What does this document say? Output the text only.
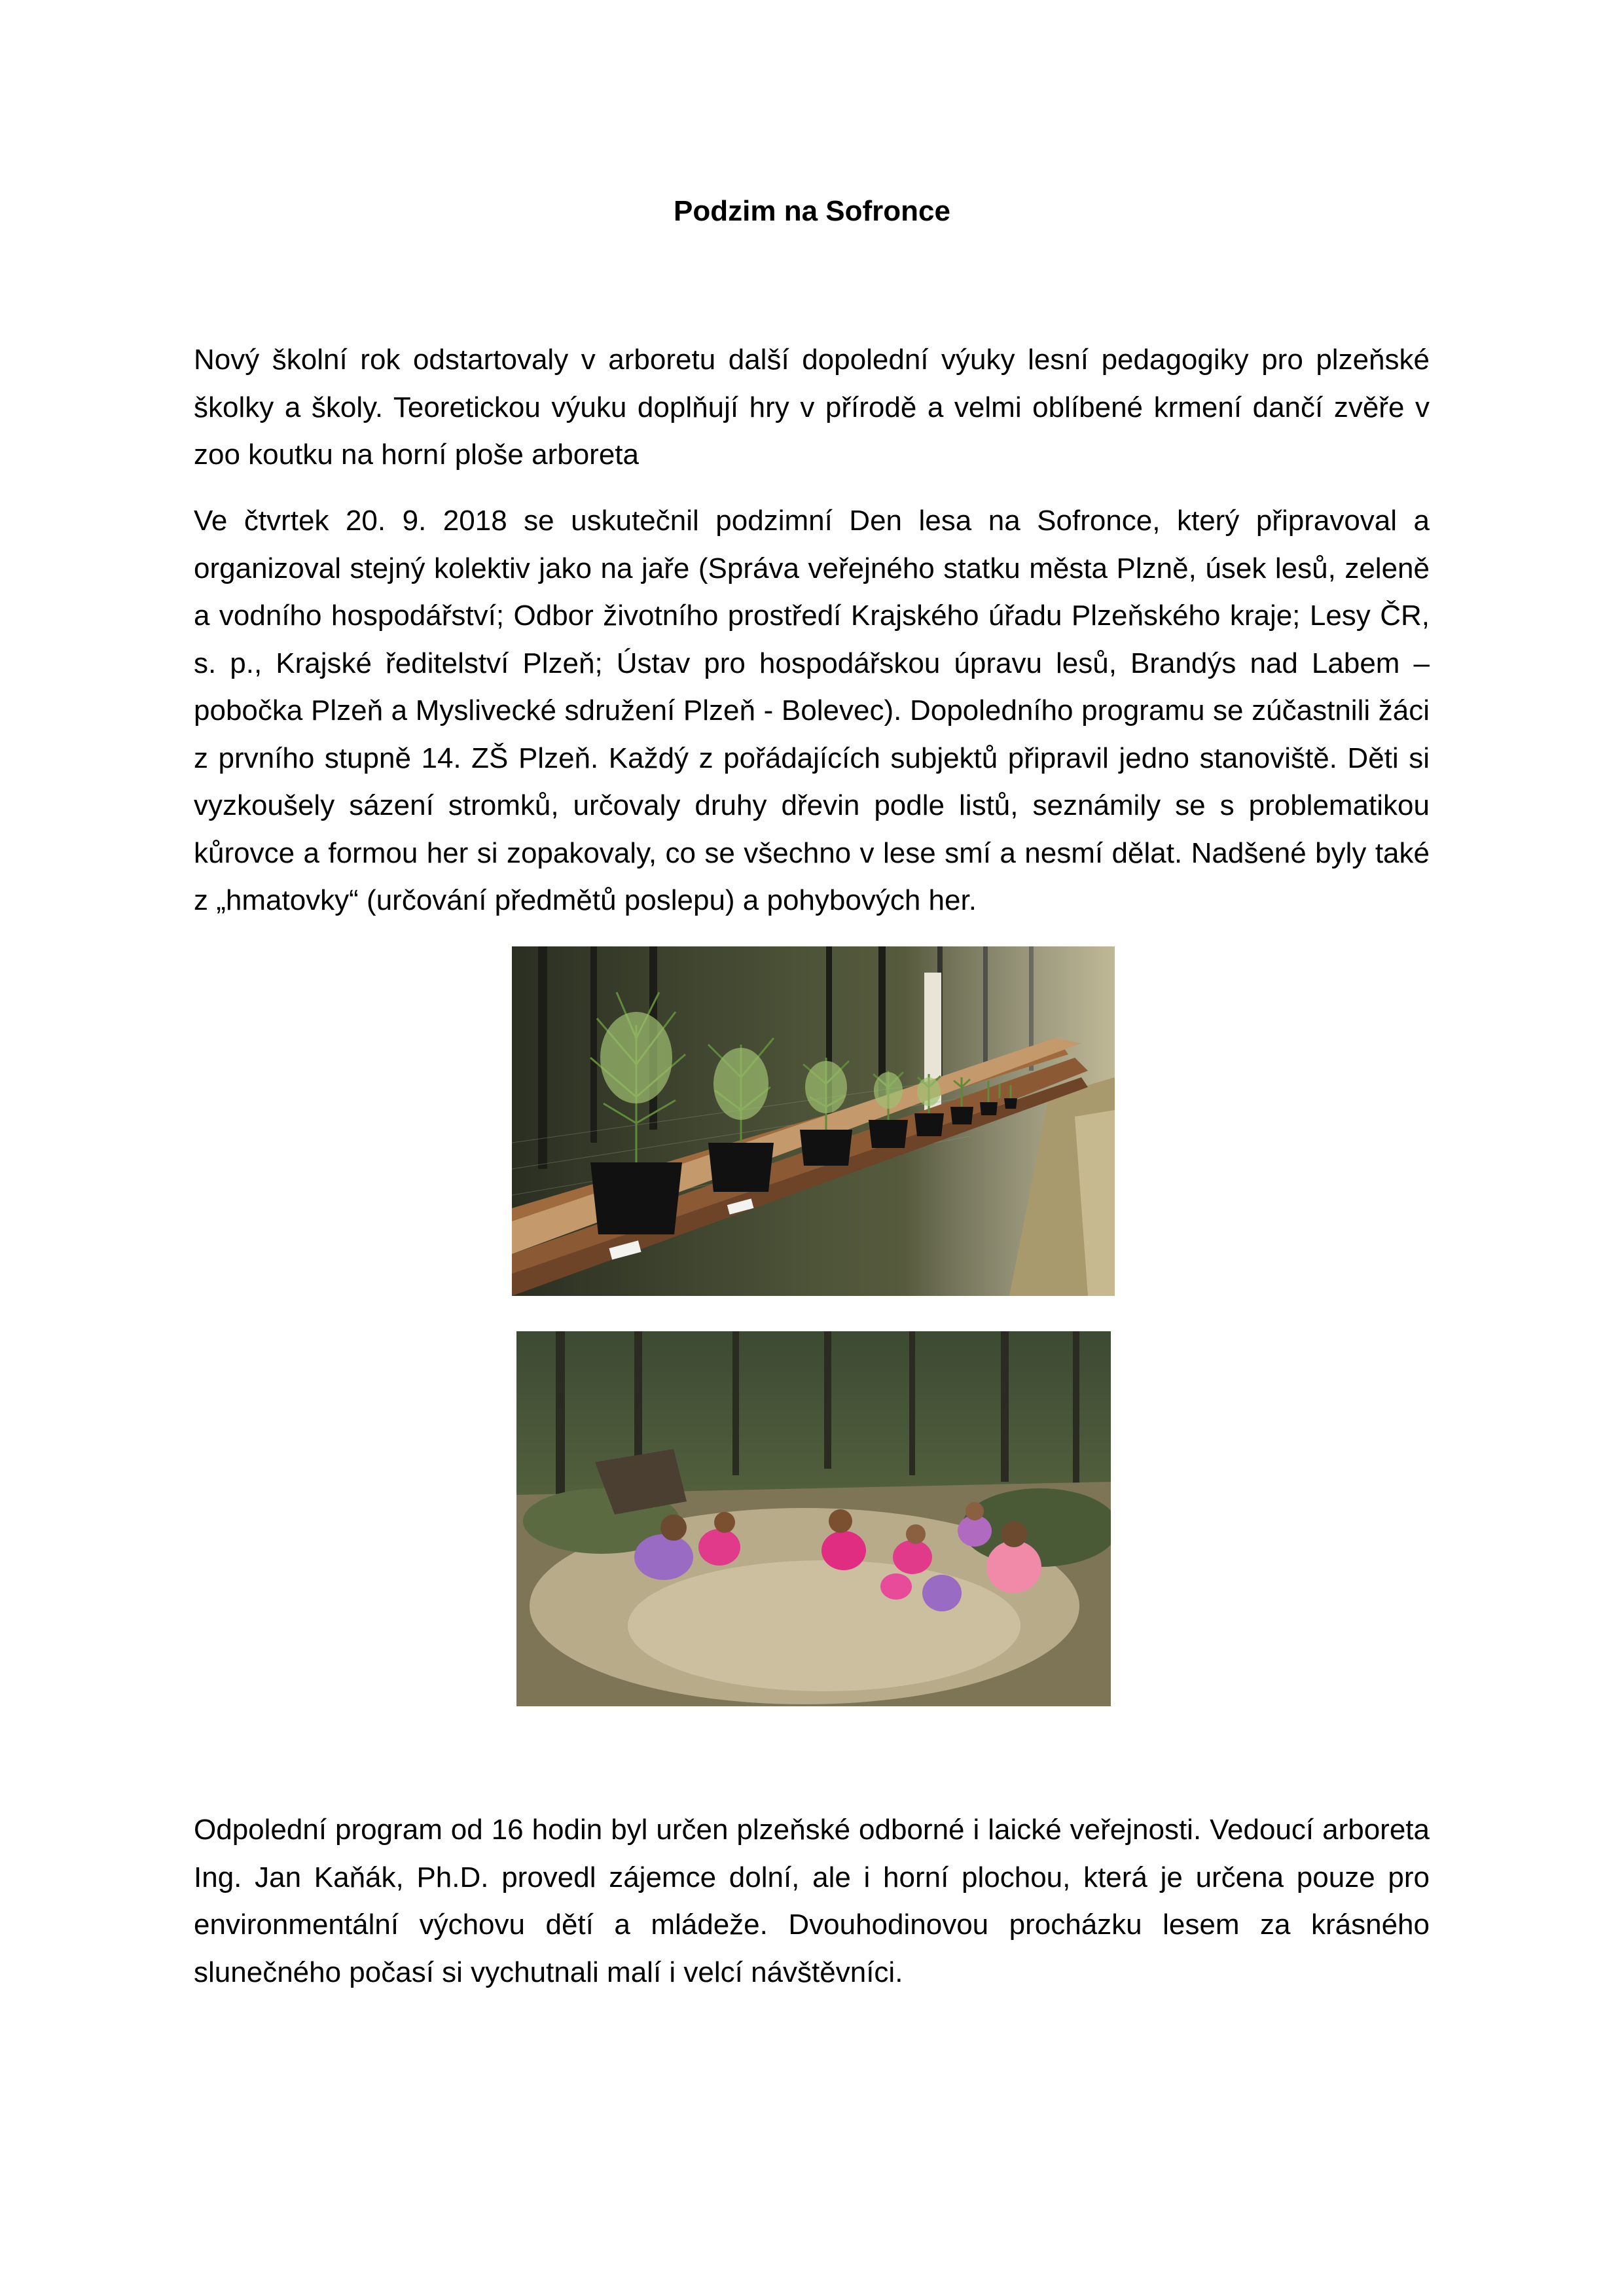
Podzim na Sofronce

Nový školní rok odstartovaly v arboretu další dopolední výuky lesní pedagogiky pro plzeňské školky a školy. Teoretickou výuku doplňují hry v přírodě a velmi oblíbené krmení dančí zvěře v zoo koutku na horní ploše arboreta

Ve čtvrtek 20. 9. 2018 se uskutečnil podzimní Den lesa na Sofronce, který připravoval a organizoval stejný kolektiv jako na jaře (Správa veřejného statku města Plzně, úsek lesů, zeleně a vodního hospodářství; Odbor životního prostředí Krajského úřadu Plzeňského kraje; Lesy ČR, s. p., Krajské ředitelství Plzeň; Ústav pro hospodářskou úpravu lesů, Brandýs nad Labem – pobočka Plzeň a Myslivecké sdružení Plzeň - Bolevec). Dopoledního programu se zúčastnili žáci z prvního stupně 14. ZŠ Plzeň. Každý z pořádajících subjektů připravil jedno stanoviště. Děti si vyzkoušely sázení stromků, určovaly druhy dřevin podle listů, seznámily se s problematikou kůrovce a formou her si zopakovaly, co se všechno v lese smí a nesmí dělat. Nadšené byly také z „hmatovky“ (určování předmětů poslepu) a pohybových her.

Odpolední program od 16 hodin byl určen plzeňské odborné i laické veřejnosti. Vedoucí arboreta Ing. Jan Kaňák, Ph.D. provedl zájemce dolní, ale i horní plochou, která je určena pouze pro environmentální výchovu dětí a mládeže. Dvouhodinovou procházku lesem za krásného slunečného počasí si vychutnali malí i velcí návštěvníci.
